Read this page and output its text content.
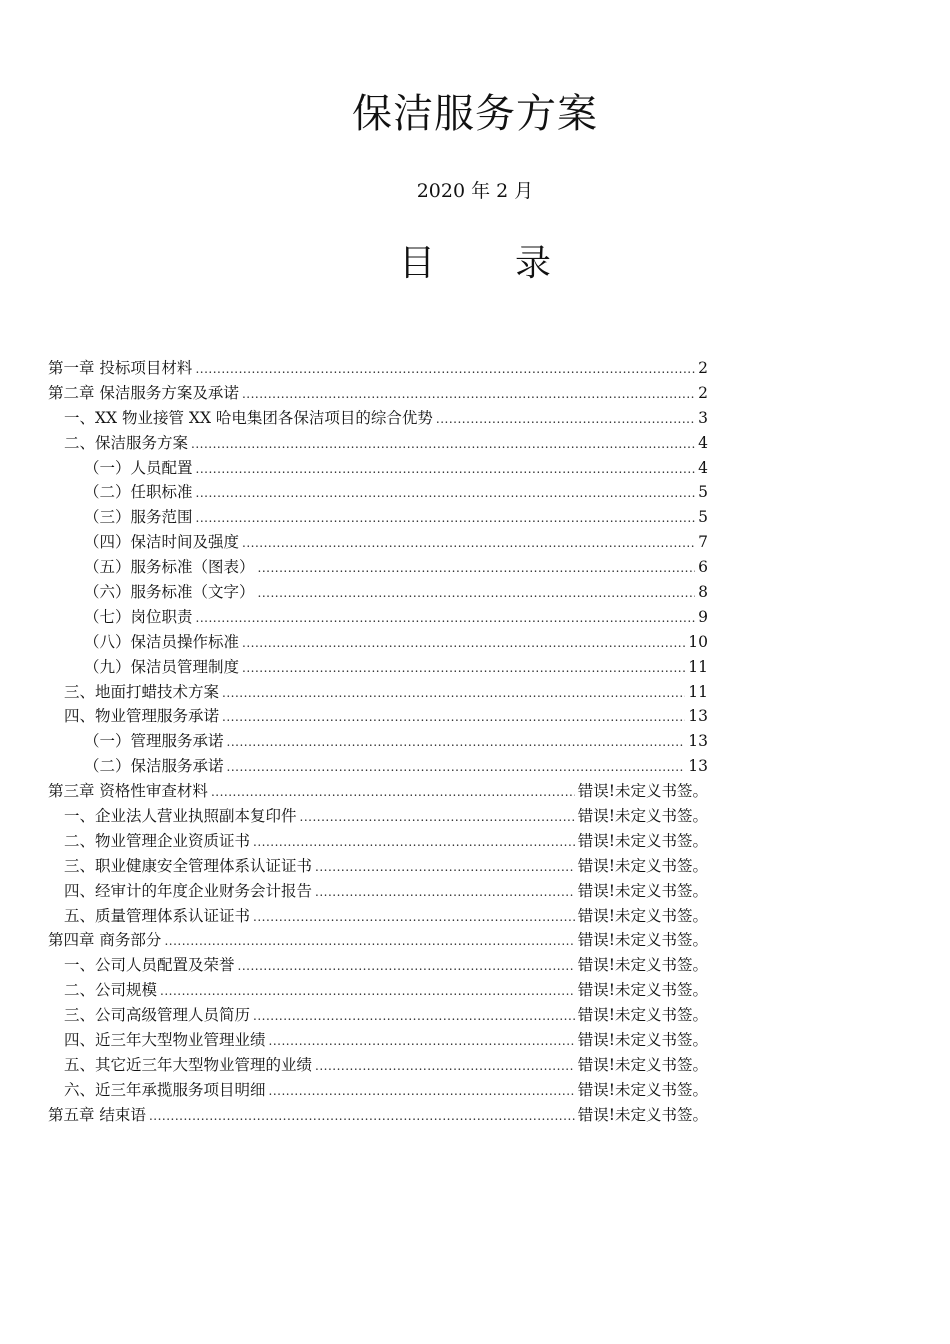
保洁服务方案
2020 年 2 月
目 录
第一章 投标项目材料 .....	2
第二章 保洁服务方案及承诺 .....	2
一、XX 物业接管 XX 哈电集团各保洁项目的综合优势 .....	3
二、保洁服务方案 .....	4
（一）人员配置 .....	4
（二）任职标准 .....	5
（三）服务范围 .....	5
（四）保洁时间及强度 .....	7
（五）服务标准（图表） .....	6
（六）服务标准（文字） .....	8
（七）岗位职责 .....	9
（八）保洁员操作标准 .....	10
（九）保洁员管理制度 .....	11
三、地面打蜡技术方案 .....	11
四、物业管理服务承诺 .....	13
（一）管理服务承诺 .....	13
（二）保洁服务承诺 .....	13
第三章 资格性审查材料 .....	错误!未定义书签。
一、企业法人营业执照副本复印件 .....	错误!未定义书签。
二、物业管理企业资质证书 .....	错误!未定义书签。
三、职业健康安全管理体系认证证书 .....	错误!未定义书签。
四、经审计的年度企业财务会计报告 .....	错误!未定义书签。
五、质量管理体系认证证书 .....	错误!未定义书签。
第四章 商务部分 .....	错误!未定义书签。
一、公司人员配置及荣誉 .....	错误!未定义书签。
二、公司规模 .....	错误!未定义书签。
三、公司高级管理人员简历 .....	错误!未定义书签。
四、近三年大型物业管理业绩 .....	错误!未定义书签。
五、其它近三年大型物业管理的业绩 .....	错误!未定义书签。
六、近三年承揽服务项目明细 .....	错误!未定义书签。
第五章 结束语 .....	错误!未定义书签。
